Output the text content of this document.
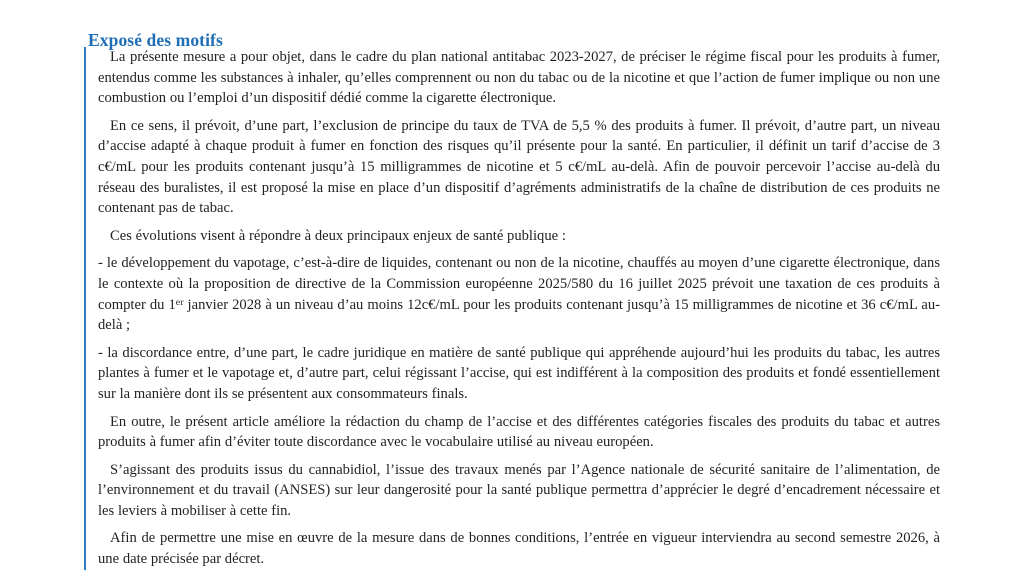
Exposé des motifs

La présente mesure a pour objet, dans le cadre du plan national antitabac 2023-2027, de préciser le régime fiscal pour les produits à fumer, entendus comme les substances à inhaler, qu’elles comprennent ou non du tabac ou de la nicotine et que l’action de fumer implique ou non une combustion ou l’emploi d’un dispositif dédié comme la cigarette électronique.

En ce sens, il prévoit, d’une part, l’exclusion de principe du taux de TVA de 5,5 % des produits à fumer. Il prévoit, d’autre part, un niveau d’accise adapté à chaque produit à fumer en fonction des risques qu’il présente pour la santé. En particulier, il définit un tarif d’accise de 3 c€/mL pour les produits contenant jusqu’à 15 milligrammes de nicotine et 5 c€/mL au-delà. Afin de pouvoir percevoir l’accise au-delà du réseau des buralistes, il est proposé la mise en place d’un dispositif d’agréments administratifs de la chaîne de distribution de ces produits ne contenant pas de tabac.

Ces évolutions visent à répondre à deux principaux enjeux de santé publique :

- le développement du vapotage, c’est-à-dire de liquides, contenant ou non de la nicotine, chauffés au moyen d’une cigarette électronique, dans le contexte où la proposition de directive de la Commission européenne 2025/580 du 16 juillet 2025 prévoit une taxation de ces produits à compter du 1er janvier 2028 à un niveau d’au moins 12c€/mL pour les produits contenant jusqu’à 15 milligrammes de nicotine et 36 c€/mL au-delà ;

- la discordance entre, d’une part, le cadre juridique en matière de santé publique qui appréhende aujourd’hui les produits du tabac, les autres plantes à fumer et le vapotage et, d’autre part, celui régissant l’accise, qui est indifférent à la composition des produits et fondé essentiellement sur la manière dont ils se présentent aux consommateurs finals.

En outre, le présent article améliore la rédaction du champ de l’accise et des différentes catégories fiscales des produits du tabac et autres produits à fumer afin d’éviter toute discordance avec le vocabulaire utilisé au niveau européen.

S’agissant des produits issus du cannabidiol, l’issue des travaux menés par l’Agence nationale de sécurité sanitaire de l’alimentation, de l’environnement et du travail (ANSES) sur leur dangerosité pour la santé publique permettra d’apprécier le degré d’encadrement nécessaire et les leviers à mobiliser à cette fin.

Afin de permettre une mise en œuvre de la mesure dans de bonnes conditions, l’entrée en vigueur interviendra au second semestre 2026, à une date précisée par décret.
